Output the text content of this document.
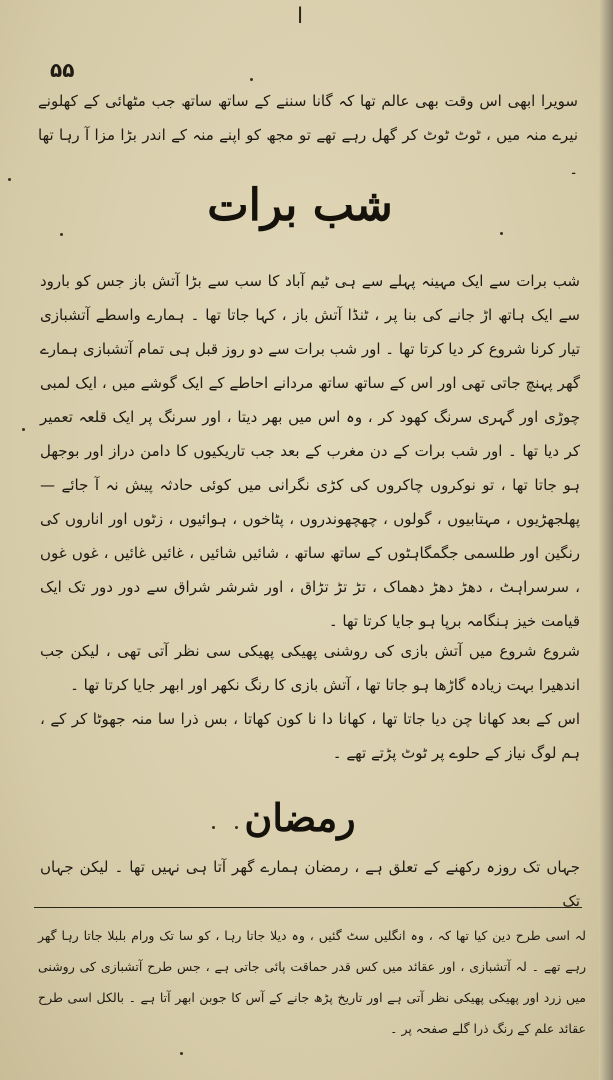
ا
۵۵
سویرا ابھی اس وقت بھی عالم تھا کہ گانا سننے کے ساتھ ساتھ جب مٹھائی کے کھلونے نیرے منہ میں ، ٹوٹ ٹوٹ کر گھل رہے تھے تو مجھ کو اپنے منہ کے اندر بڑا مزا آ رہا تھا ۔
شب برات
شب برات سے ایک مہینہ پہلے سے ہی ٹیم آباد کا سب سے بڑا آتش باز جس کو بارود سے ایک ہاتھ اڑ جانے کی بنا پر ، ٹنڈا آتش باز ، کہا جاتا تھا ۔ ہمارے واسطے آتشبازی تیار کرنا شروع کر دیا کرتا تھا ۔ اور شب برات سے دو روز قبل ہی تمام آتشبازی ہمارے گھر پہنچ جاتی تھی اور اس کے ساتھ ساتھ مردانے احاطے کے ایک گوشے میں ، ایک لمبی چوڑی اور گہری سرنگ کھود کر ، وہ اس میں بھر دیتا ، اور سرنگ پر ایک قلعہ تعمیر کر دیا تھا ۔ اور شب برات کے دن مغرب کے بعد جب تاریکیوں کا دامن دراز اور بوجھل ہو جاتا تھا ، تو نوکروں چاکروں کی کڑی نگرانی میں کوئی حادثہ پیش نہ آ جائے — پھلجھڑیوں ، مہتابیوں ، گولوں ، چھچھوندروں ، پٹاخوں ، ہوائیوں ، زٹوں اور اناروں کی رنگین اور طلسمی جگمگاہٹوں کے ساتھ ساتھ ، شائیں شائیں ، غائیں غائیں ، غوں غوں ، سرسراہٹ ، دھڑ دھڑ دھماک ، تڑ تڑ تڑاق ، اور شرشر شراق سے دور دور تک ایک قیامت خیز ہنگامہ برپا ہو جایا کرتا تھا ۔
شروع شروع میں آتش بازی کی روشنی پھیکی پھیکی سی نظر آتی تھی ، لیکن جب اندھیرا بہت زیادہ گاڑھا ہو جاتا تھا ، آتش بازی کا رنگ نکھر اور ابھر جایا کرتا تھا ۔
اس کے بعد کھانا چن دیا جاتا تھا ، کھانا دا نا کون کھاتا ، بس ذرا سا منہ جھوٹا کر کے ، ہم لوگ نیاز کے حلوے پر ٹوٹ پڑتے تھے ۔
رمضان
جہاں تک روزہ رکھنے کے تعلق ہے ، رمضان ہمارے گھر آتا ہی نہیں تھا ۔ لیکن جہاں تک
لہ اسی طرح دین کیا تھا کہ ، وہ انگلیں سٹ گئیں ، وہ دیلا جاتا رہا ، کو سا تک ورام بلبلا جاتا رہا گھر رہے تھے ۔ لہ آتشبازی ، اور عقائد میں کس قدر حماقت پائی جاتی ہے ، جس طرح آتشبازی کی روشنی میں زرد اور پھیکی پھیکی نظر آتی ہے اور تاریخ پڑھ جانے کے آس کا جوبن ابھر آتا ہے ۔ بالکل اسی طرح عقائد علم کے رنگ ذرا گلے صفحہ پر ۔
